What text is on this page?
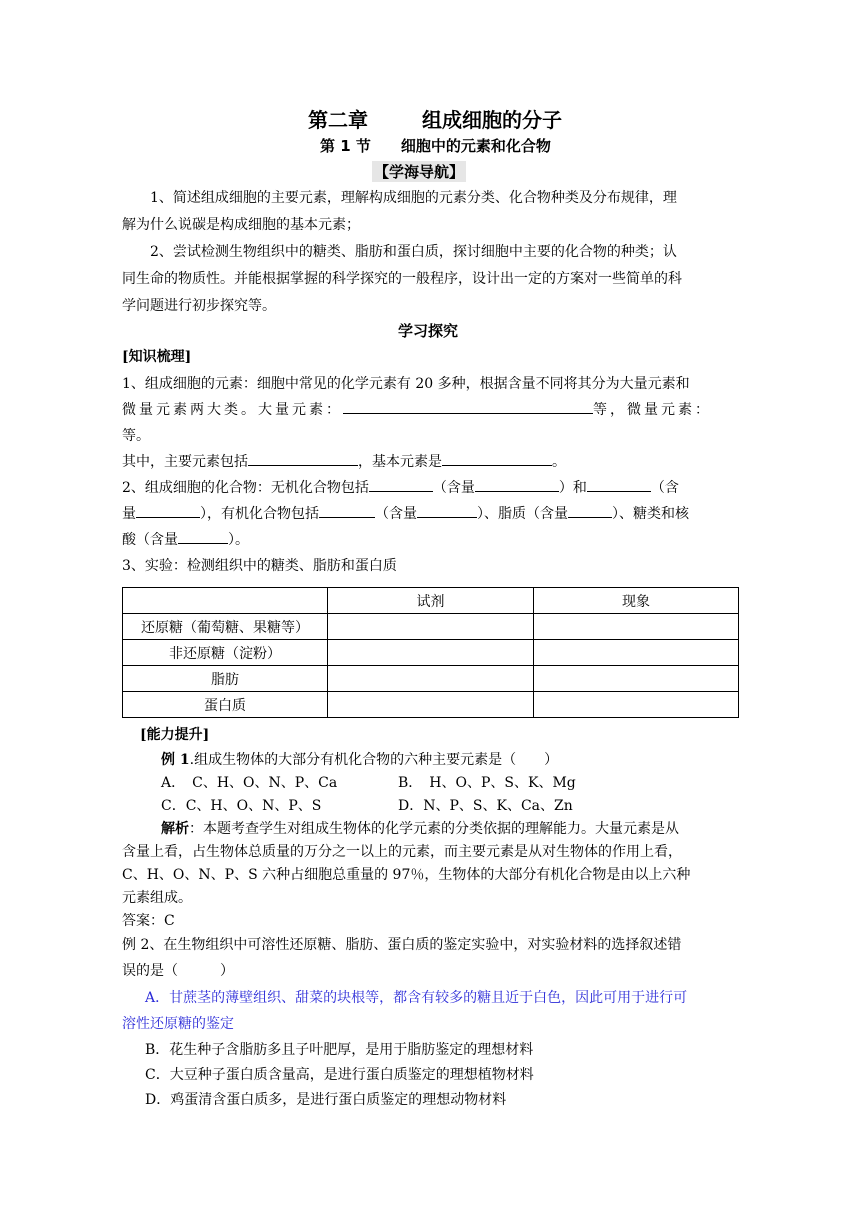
第二章	组成细胞的分子
第 1 节 细胞中的元素和化合物
【学海导航】
1、简述组成细胞的主要元素，理解构成细胞的元素分类、化合物种类及分布规律，理
解为什么说碳是构成细胞的基本元素；
2、尝试检测生物组织中的糖类、脂肪和蛋白质，探讨细胞中主要的化合物的种类；认
同生命的物质性。并能根据掌握的科学探究的一般程序，设计出一定的方案对一些简单的科
学问题进行初步探究等。
学习探究
[知识梳理]
1、组成细胞的元素：细胞中常见的化学元素有 20 多种，根据含量不同将其分为大量元素和
微量元素两大类。大量元素：	等，微量元素：
等。
其中，主要元素包括	，基本元素是	。
2、组成细胞的化合物：无机化合物包括	（含量	）和	（含
量	），有机化合物包括	（含量	）、脂质（含量	）、糖类和核
酸（含量	）。
3、实验：检测组织中的糖类、脂肪和蛋白质
	试剂	现象
还原糖（葡萄糖、果糖等）		
非还原糖（淀粉）		
脂肪		
蛋白质		
[能力提升]
例 1.组成生物体的大部分有机化合物的六种主要元素是（　　）
A．　C、H、O、N、P、Ca	B．　H、O、P、S、K、Mg
C．C、H、O、N、P、S	D．N、P、S、K、Ca、Zn
解析：本题考查学生对组成生物体的化学元素的分类依据的理解能力。大量元素是从
含量上看，占生物体总质量的万分之一以上的元素，而主要元素是从对生物体的作用上看，
C、H、O、N、P、S 六种占细胞总重量的 97％，生物体的大部分有机化合物是由以上六种
元素组成。
答案：C
例 2、在生物组织中可溶性还原糖、脂肪、蛋白质的鉴定实验中，对实验材料的选择叙述错
误的是（　　　）
A．甘蔗茎的薄壁组织、甜菜的块根等，都含有较多的糖且近于白色，因此可用于进行可
溶性还原糖的鉴定
B．花生种子含脂肪多且子叶肥厚，是用于脂肪鉴定的理想材料
C．大豆种子蛋白质含量高，是进行蛋白质鉴定的理想植物材料
D．鸡蛋清含蛋白质多，是进行蛋白质鉴定的理想动物材料
